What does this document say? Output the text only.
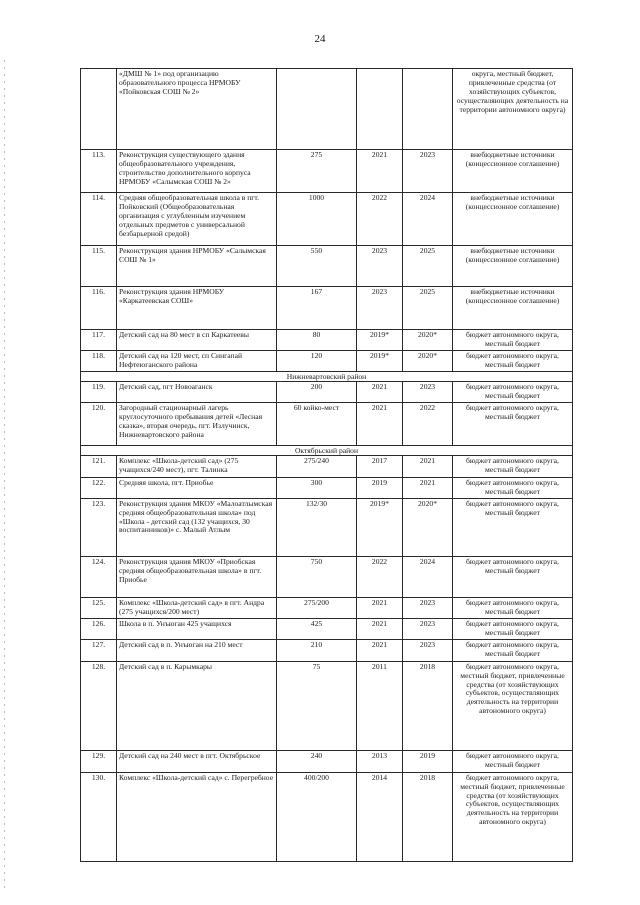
24
	«ДМШ № 1» под организацию образовательного процесса НРМОБУ «Пойковская СОШ № 2»				округа, местный бюджет, привлеченные средства (от хозяйствующих субъектов, осуществляющих деятельность на территории автономного округа)
113.	Реконструкция существующего здания общеобразовательного учреждения, строительство дополнительного корпуса НРМОБУ «Салымская СОШ № 2»	275	2021	2023	внебюджетные источники (концессионное соглашение)
114.	Средняя общеобразовательная школа в пгт. Пойковский (Общеобразовательная организация с углубленным изучением отдельных предметов с универсальной безбарьерной средой)	1000	2022	2024	внебюджетные источники (концессионное соглашение)
115.	Реконструкция здания НРМОБУ «Салымская СОШ № 1»	550	2023	2025	внебюджетные источники (концессионное соглашение)
116.	Реконструкция здания НРМОБУ «Каркатеевская СОШ»	167	2023	2025	внебюджетные источники (концессионное соглашение)
117.	Детский сад на 80 мест в сп Каркатеевы	80	2019*	2020*	бюджет автономного округа, местный бюджет
118.	Детский сад на 120 мест, сп Сингапай Нефтеюганского района	120	2019*	2020*	бюджет автономного округа, местный бюджет
Нижневартовский район					
119.	Детский сад, пгт Новоаганск	200	2021	2023	бюджет автономного округа, местный бюджет
120.	Загородный стационарный лагерь круглосуточного пребывания детей «Лесная сказка», вторая очередь, пгт. Излучинск, Нижневартовского района	60 койко-мест	2021	2022	бюджет автономного округа, местный бюджет
Октябрьский район					
121.	Комплекс «Школа-детский сад» (275 учащихся/240 мест), пгт. Талинка	275/240	2017	2021	бюджет автономного округа, местный бюджет
122.	Средняя школа, пгт. Приобье	300	2019	2021	бюджет автономного округа, местный бюджет
123.	Реконструкция здания МКОУ «Малоатлымская средняя общеобразовательная школа» под «Школа - детский сад (132 учащихся, 30 воспитанников)» с. Малый Атлым	132/30	2019*	2020*	бюджет автономного округа, местный бюджет
124.	Реконструкция здания МКОУ «Приобская средняя общеобразовательная школа» в пгт. Приобье	750	2022	2024	бюджет автономного округа, местный бюджет
125.	Комплекс «Школа-детский сад» в пгт. Андра (275 учащихся/200 мест)	275/200	2021	2023	бюджет автономного округа, местный бюджет
126.	Школа в п. Унъюган 425 учащихся	425	2021	2023	бюджет автономного округа, местный бюджет
127.	Детский сад в п. Унъюган на 210 мест	210	2021	2023	бюджет автономного округа, местный бюджет
128.	Детский сад в п. Карымкары	75	2011	2018	бюджет автономного округа, местный бюджет, привлеченные средства (от хозяйствующих субъектов, осуществляющих деятельность на территории автономного округа)
129.	Детский сад на 240 мест в пгт. Октябрьское	240	2013	2019	бюджет автономного округа, местный бюджет
130.	Комплекс «Школа-детский сад» с. Перегребное	400/200	2014	2018	бюджет автономного округа, местный бюджет, привлеченные средства (от хозяйствующих субъектов, осуществляющих деятельность на территории автономного округа)
